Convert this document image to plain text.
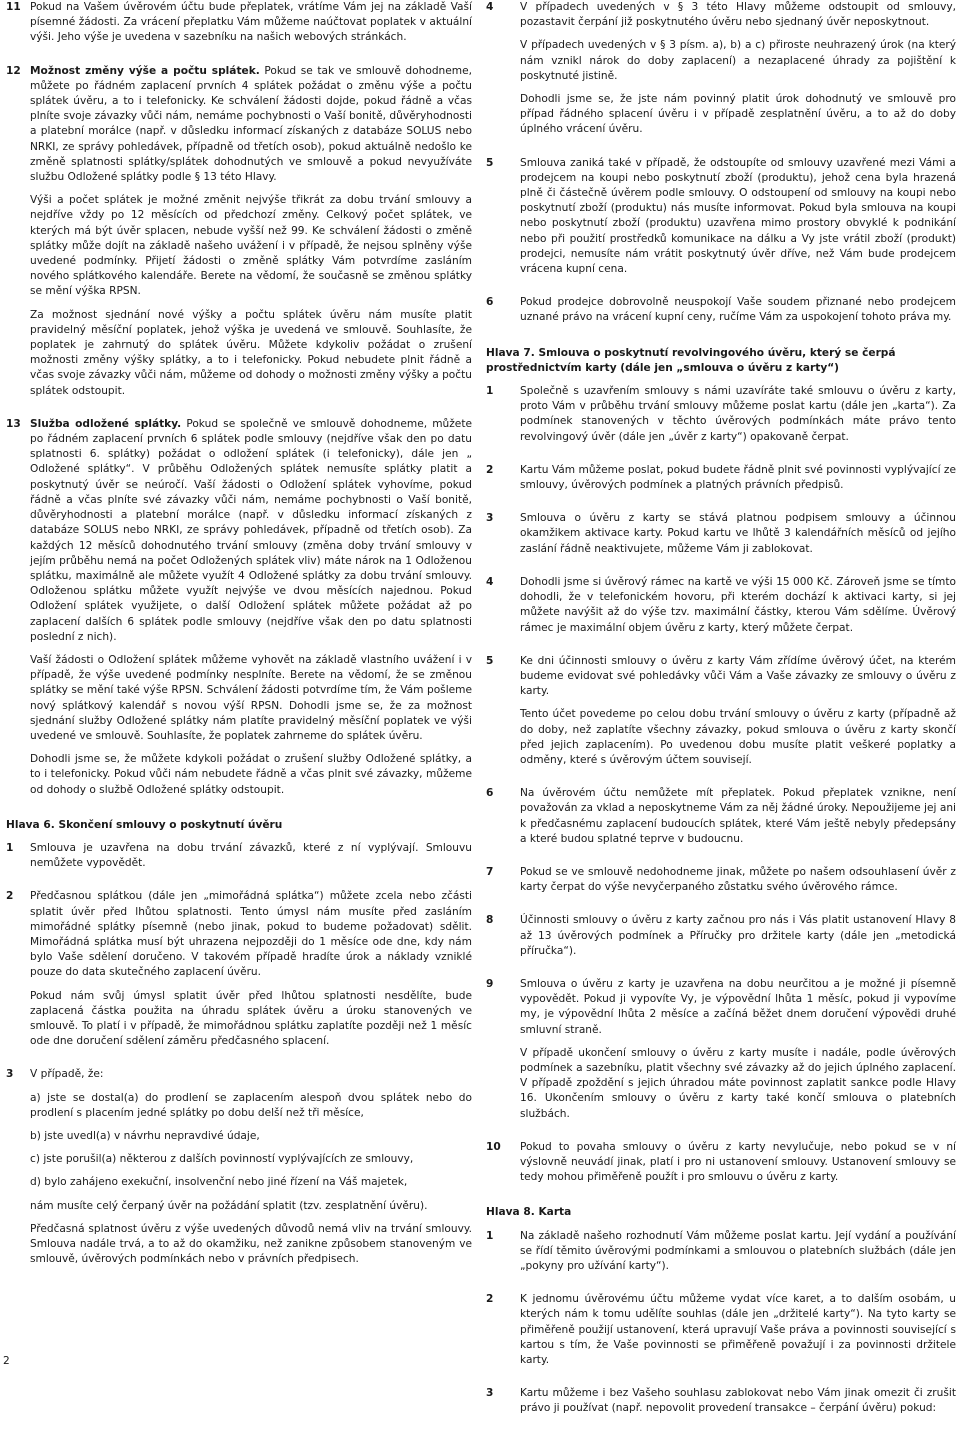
11 Pokud na Vašem úvěrovém účtu bude přeplatek, vrátíme Vám jej na základě Vaší písemné žádosti. Za vrácení přeplatku Vám můžeme naúčtovat poplatek v aktuální výši. Jeho výše je uvedena v sazebníku na našich webových stránkách.

12 Možnost změny výše a počtu splátek. Pokud se tak ve smlouvě dohodneme, můžete po řádném zaplacení prvních 4 splátek požádat o změnu výše a počtu splátek úvěru, a to i telefonicky. Ke schválení žádosti dojde, pokud řádně a včas plníte svoje závazky vůči nám, nemáme pochybnosti o Vaší bonitě, důvěryhodnosti a platební morálce (např. v důsledku informací získaných z databáze SOLUS nebo NRKI, ze správy pohledávek, případně od třetích osob), pokud aktuálně nedošlo ke změně splatnosti splátky/splátek dohodnutých ve smlouvě a pokud nevyužíváte službu Odložené splátky podle § 13 této Hlavy.

Výši a počet splátek je možné změnit nejvýše třikrát za dobu trvání smlouvy a nejdříve vždy po 12 měsících od předchozí změny. Celkový počet splátek, ve kterých má být úvěr splacen, nebude vyšší než 99. Ke schválení žádosti o změně splátky může dojít na základě našeho uvážení i v případě, že nejsou splněny výše uvedené podmínky. Přijetí žádosti o změně splátky Vám potvrdíme zasláním nového splátkového kalendáře. Berete na vědomí, že současně se změnou splátky se mění výška RPSN.

Za možnost sjednání nové výšky a počtu splátek úvěru nám musíte platit pravidelný měsíční poplatek, jehož výška je uvedená ve smlouvě. Souhlasíte, že poplatek je zahrnutý do splátek úvěru. Můžete kdykoliv požádat o zrušení možnosti změny výšky splátky, a to i telefonicky. Pokud nebudete plnit řádně a včas svoje závazky vůči nám, můžeme od dohody o možnosti změny výšky a počtu splátek odstoupit.

13 Služba odložené splátky. Pokud se společně ve smlouvě dohodneme, můžete po řádném zaplacení prvních 6 splátek podle smlouvy (nejdříve však den po datu splatnosti 6. splátky) požádat o odložení splátek (i telefonicky), dále jen „ Odložené splátky“. V průběhu Odložených splátek nemusíte splátky platit a poskytnutý úvěr se neúročí. Vaší žádosti o Odložení splátek vyhovíme, pokud řádně a včas plníte své závazky vůči nám, nemáme pochybnosti o Vaší bonitě, důvěryhodnosti a platební morálce (např. v důsledku informací získaných z databáze SOLUS nebo NRKI, ze správy pohledávek, případně od třetích osob). Za každých 12 měsíců dohodnutého trvání smlouvy (změna doby trvání smlouvy v jejím průběhu nemá na počet Odložených splátek vliv) máte nárok na 1 Odloženou splátku, maximálně ale můžete využít 4 Odložené splátky za dobu trvání smlouvy. Odloženou splátku můžete využít nejvýše ve dvou měsících najednou. Pokud Odložení splátek využijete, o další Odložení splátek můžete požádat až po zaplacení dalších 6 splátek podle smlouvy (nejdříve však den po datu splatnosti poslední z nich).

Vaší žádosti o Odložení splátek můžeme vyhovět na základě vlastního uvážení i v případě, že výše uvedené podmínky nesplníte. Berete na vědomí, že se změnou splátky se mění také výše RPSN. Schválení žádosti potvrdíme tím, že Vám pošleme nový splátkový kalendář s novou výší RPSN. Dohodli jsme se, že za možnost sjednání služby Odložené splátky nám platíte pravidelný měsíční poplatek ve výši uvedené ve smlouvě. Souhlasíte, že poplatek zahrneme do splátek úvěru.

Dohodli jsme se, že můžete kdykoli požádat o zrušení služby Odložené splátky, a to i telefonicky. Pokud vůči nám nebudete řádně a včas plnit své závazky, můžeme od dohody o službě Odložené splátky odstoupit.

Hlava 6. Skončení smlouvy o poskytnutí úvěru
1	Smlouva je uzavřena na dobu trvání závazků, které z ní vyplývají. Smlouvu nemůžete vypovědět.

2	Předčasnou splátkou (dále jen „mimořádná splátka“) můžete zcela nebo zčásti splatit úvěr před lhůtou splatnosti. Tento úmysl nám musíte před zasláním mimořádné splátky písemně (nebo jinak, pokud to budeme požadovat) sdělit. Mimořádná splátka musí být uhrazena nejpozději do 1 měsíce ode dne, kdy nám bylo Vaše sdělení doručeno. V takovém případě hradíte úrok a náklady vzniklé pouze do data skutečného zaplacení úvěru.

Pokud nám svůj úmysl splatit úvěr před lhůtou splatnosti nesdělíte, bude zaplacená částka použita na úhradu splátek úvěru a úroku stanovených ve smlouvě. To platí i v případě, že mimořádnou splátku zaplatíte později než 1 měsíc ode dne doručení sdělení záměru předčasného splacení.

3	V případě, že:

a) jste se dostal(a) do prodlení se zaplacením alespoň dvou splátek nebo do prodlení s placením jedné splátky po dobu delší než tři měsíce,
b) jste uvedl(a) v návrhu nepravdivé údaje,
c) jste porušil(a) některou z dalších povinností vyplývajících ze smlouvy,
d) bylo zahájeno exekuční, insolvenční nebo jiné řízení na Váš majetek,

nám musíte celý čerpaný úvěr na požádání splatit (tzv. zesplatnění úvěru).

Předčasná splatnost úvěru z výše uvedených důvodů nemá vliv na trvání smlouvy. Smlouva nadále trvá, a to až do okamžiku, než zanikne způsobem stanoveným ve smlouvě, úvěrových podmínkách nebo v právních předpisech.

2
4	V případech uvedených v § 3 této Hlavy můžeme odstoupit od smlouvy, pozastavit čerpání již poskytnutého úvěru nebo sjednaný úvěr neposkytnout.

V případech uvedených v § 3 písm. a), b) a c) přiroste neuhrazený úrok (na který nám vznikl nárok do doby zaplacení) a nezaplacené úhrady za pojištění k poskytnuté jistině.

Dohodli jsme se, že jste nám povinný platit úrok dohodnutý ve smlouvě pro případ řádného splacení úvěru i v případě zesplatnění úvěru, a to až do doby úplného vrácení úvěru.

5	Smlouva zaniká také v případě, že odstoupíte od smlouvy uzavřené mezi Vámi a prodejcem na koupi nebo poskytnutí zboží (produktu), jehož cena byla hrazená plně či částečně úvěrem podle smlouvy. O odstoupení od smlouvy na koupi nebo poskytnutí zboží (produktu) nás musíte informovat. Pokud byla smlouva na koupi nebo poskytnutí zboží (produktu) uzavřena mimo prostory obvyklé k podnikání nebo při použití prostředků komunikace na dálku a Vy jste vrátil zboží (produkt) prodejci, nemusíte nám vrátit poskytnutý úvěr dříve, než Vám bude prodejcem vrácena kupní cena.

6	Pokud prodejce dobrovolně neuspokojí Vaše soudem přiznané nebo prodejcem uznané právo na vrácení kupní ceny, ručíme Vám za uspokojení tohoto práva my.

Hlava 7. Smlouva o poskytnutí revolvingového úvěru, který se čerpá prostřednictvím karty (dále jen „smlouva o úvěru z karty“)
1	Společně s uzavřením smlouvy s námi uzavíráte také smlouvu o úvěru z karty, proto Vám v průběhu trvání smlouvy můžeme poslat kartu (dále jen „karta“). Za podmínek stanovených v těchto úvěrových podmínkách máte právo tento revolvingový úvěr (dále jen „úvěr z karty“) opakovaně čerpat.

2	Kartu Vám můžeme poslat, pokud budete řádně plnit své povinnosti vyplývající ze smlouvy, úvěrových podmínek a platných právních předpisů.

3	Smlouva o úvěru z karty se stává platnou podpisem smlouvy a účinnou okamžikem aktivace karty. Pokud kartu ve lhůtě 3 kalendářních měsíců od jejího zaslání řádně neaktivujete, můžeme Vám ji zablokovat.

4	Dohodli jsme si úvěrový rámec na kartě ve výši 15 000 Kč. Zároveň jsme se tímto dohodli, že v telefonickém hovoru, při kterém dochází k aktivaci karty, si jej můžete navýšit až do výše tzv. maximální částky, kterou Vám sdělíme. Úvěrový rámec je maximální objem úvěru z karty, který můžete čerpat.

5	Ke dni účinnosti smlouvy o úvěru z karty Vám zřídíme úvěrový účet, na kterém budeme evidovat své pohledávky vůči Vám a Vaše závazky ze smlouvy o úvěru z karty.

Tento účet povedeme po celou dobu trvání smlouvy o úvěru z karty (případně až do doby, než zaplatíte všechny závazky, pokud smlouva o úvěru z karty skončí před jejich zaplacením). Po uvedenou dobu musíte platit veškeré poplatky a odměny, které s úvěrovým účtem souvisejí.

6	Na úvěrovém účtu nemůžete mít přeplatek. Pokud přeplatek vznikne, není považován za vklad a neposkytneme Vám za něj žádné úroky. Nepoužijeme jej ani k předčasnému zaplacení budoucích splátek, které Vám ještě nebyly předepsány a které budou splatné teprve v budoucnu.

7	Pokud se ve smlouvě nedohodneme jinak, můžete po našem odsouhlasení úvěr z karty čerpat do výše nevyčerpaného zůstatku svého úvěrového rámce.

8	Účinnosti smlouvy o úvěru z karty začnou pro nás i Vás platit ustanovení Hlavy 8 až 13 úvěrových podmínek a Příručky pro držitele karty (dále jen „metodická příručka“).

9	Smlouva o úvěru z karty je uzavřena na dobu neurčitou a je možné ji písemně vypovědět. Pokud ji vypovíte Vy, je výpovědní lhůta 1 měsíc, pokud ji vypovíme my, je výpovědní lhůta 2 měsíce a začíná běžet dnem doručení výpovědi druhé smluvní straně.

V případě ukončení smlouvy o úvěru z karty musíte i nadále, podle úvěrových podmínek a sazebníku, platit všechny své závazky až do jejich úplného zaplacení. V případě zpoždění s jejich úhradou máte povinnost zaplatit sankce podle Hlavy 16. Ukončením smlouvy o úvěru z karty také končí smlouva o platebních službách.

10	Pokud to povaha smlouvy o úvěru z karty nevylučuje, nebo pokud se v ní výslovně neuvádí jinak, platí i pro ni ustanovení smlouvy. Ustanovení smlouvy se tedy mohou přiměřeně použít i pro smlouvu o úvěru z karty.

Hlava 8. Karta
1	Na základě našeho rozhodnutí Vám můžeme poslat kartu. Její vydání a používání se řídí těmito úvěrovými podmínkami a smlouvou o platebních službách (dále jen „pokyny pro užívání karty“).

2	K jednomu úvěrovému účtu můžeme vydat více karet, a to dalším osobám, u kterých nám k tomu udělíte souhlas (dále jen „držitelé karty“). Na tyto karty se přiměřeně použijí ustanovení, která upravují Vaše práva a povinnosti související s kartou s tím, že Vaše povinnosti se přiměřeně považují i za povinnosti držitele karty.

3	Kartu můžeme i bez Vašeho souhlasu zablokovat nebo Vám jinak omezit či zrušit právo ji používat (např. nepovolit provedení transakce – čerpání úvěru) pokud:
